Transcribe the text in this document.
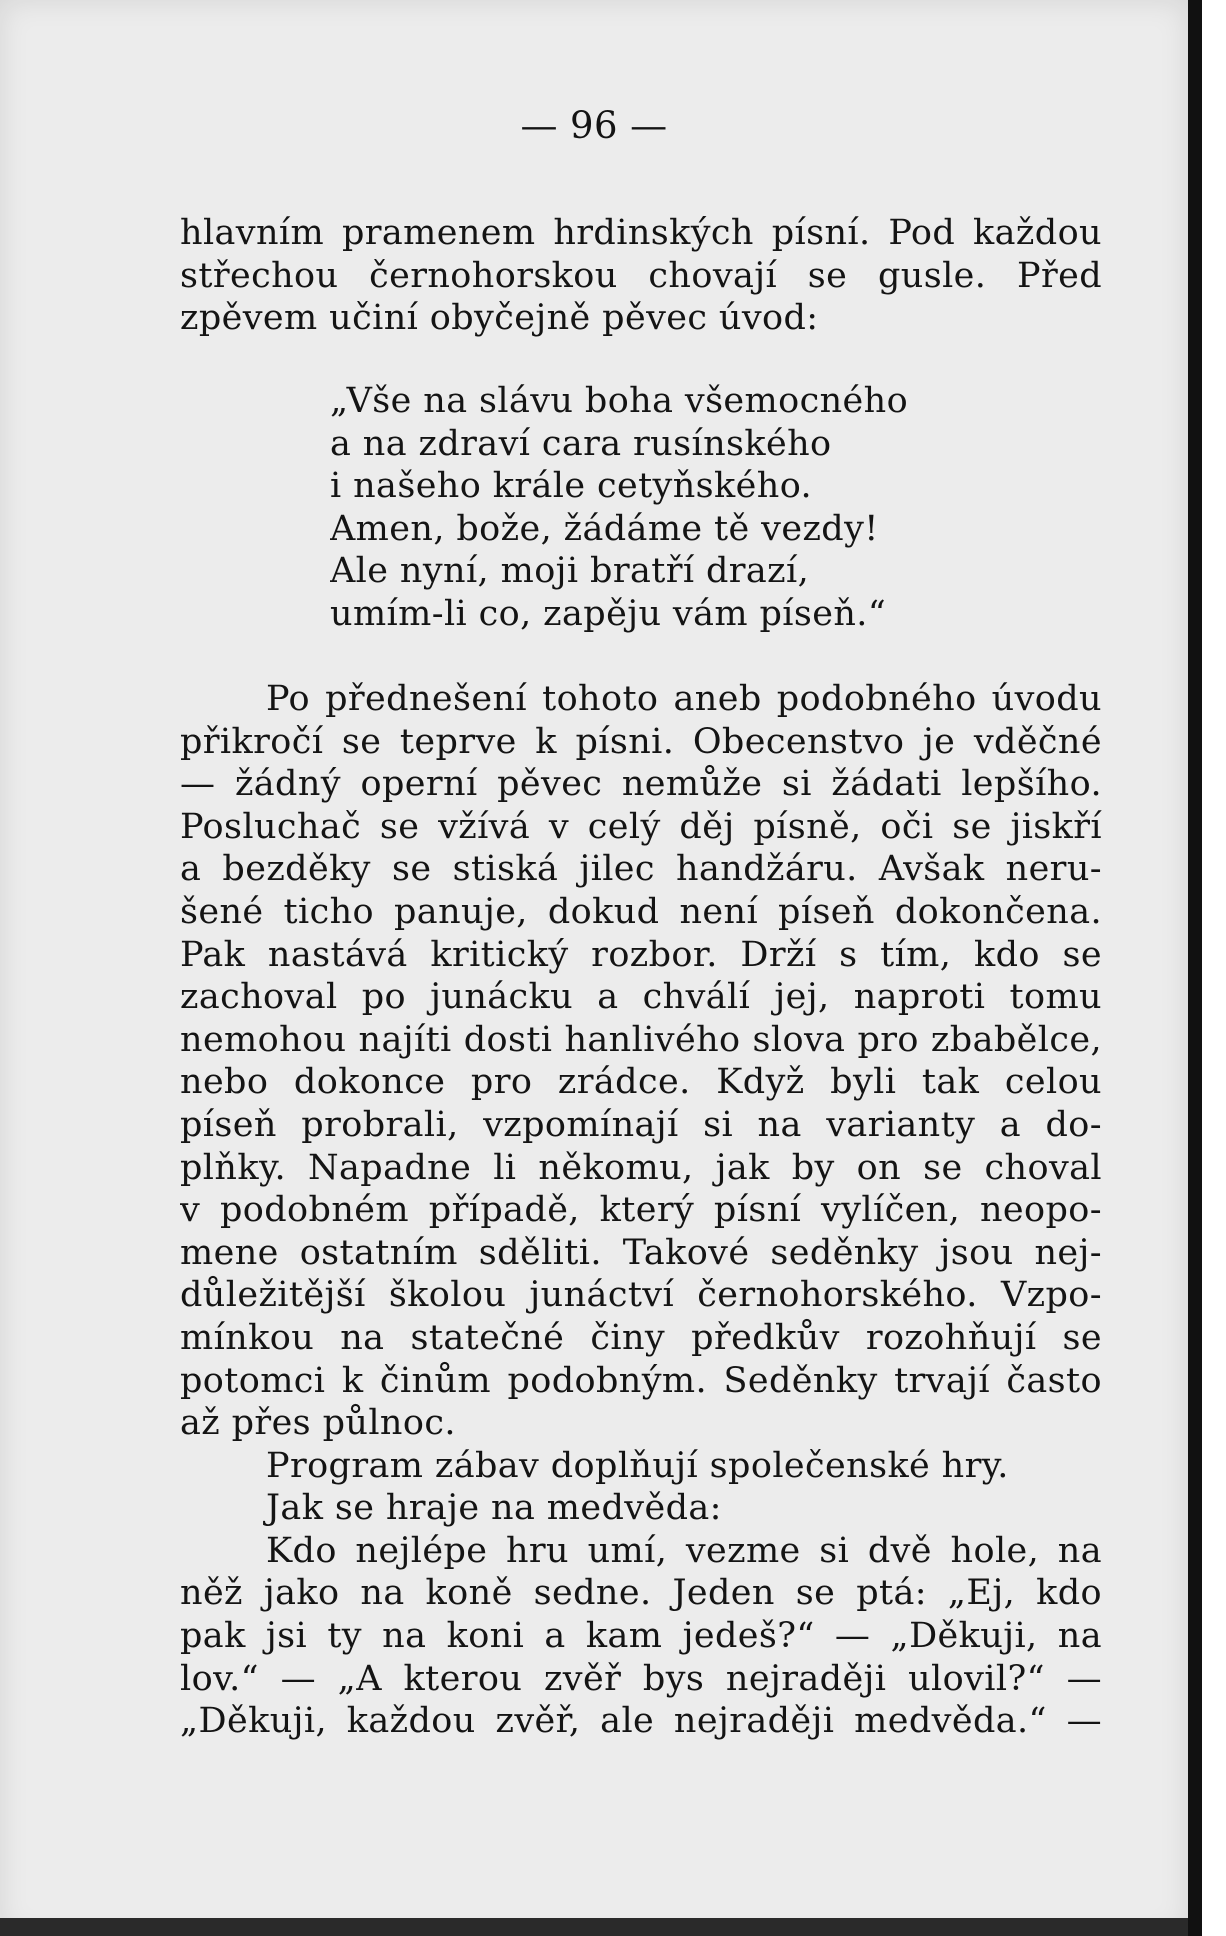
— 96 —
hlavním pramenem hrdinských písní. Pod každou
střechou černohorskou chovají se gusle. Před
zpěvem učiní obyčejně pěvec úvod:
„Vše na slávu boha všemocného
a na zdraví cara rusínského
i našeho krále cetyňského.
Amen, bože, žádáme tě vezdy!
Ale nyní, moji bratří drazí,
umím-li co, zapěju vám píseň.“
Po přednešení tohoto aneb podobného úvodu
přikročí se teprve k písni. Obecenstvo je vděčné
— žádný operní pěvec nemůže si žádati lepšího.
Posluchač se vžívá v celý děj písně, oči se jiskří
a bezděky se stiská jilec handžáru. Avšak neru-
šené ticho panuje, dokud není píseň dokončena.
Pak nastává kritický rozbor. Drží s tím, kdo se
zachoval po junácku a chválí jej, naproti tomu
nemohou najíti dosti hanlivého slova pro zbabělce,
nebo dokonce pro zrádce. Když byli tak celou
píseň probrali, vzpomínají si na varianty a do-
plňky. Napadne li někomu, jak by on se choval
v podobném případě, který písní vylíčen, neopo-
mene ostatním sděliti. Takové seděnky jsou nej-
důležitější školou junáctví černohorského. Vzpo-
mínkou na statečné činy předkův rozohňují se
potomci k činům podobným. Seděnky trvají často
až přes půlnoc.
Program zábav doplňují společenské hry.
Jak se hraje na medvěda:
Kdo nejlépe hru umí, vezme si dvě hole, na
něž jako na koně sedne. Jeden se ptá: „Ej, kdo
pak jsi ty na koni a kam jedeš?“ — „Děkuji, na
lov.“ — „A kterou zvěř bys nejraději ulovil?“ —
„Děkuji, každou zvěř, ale nejraději medvěda.“ —
